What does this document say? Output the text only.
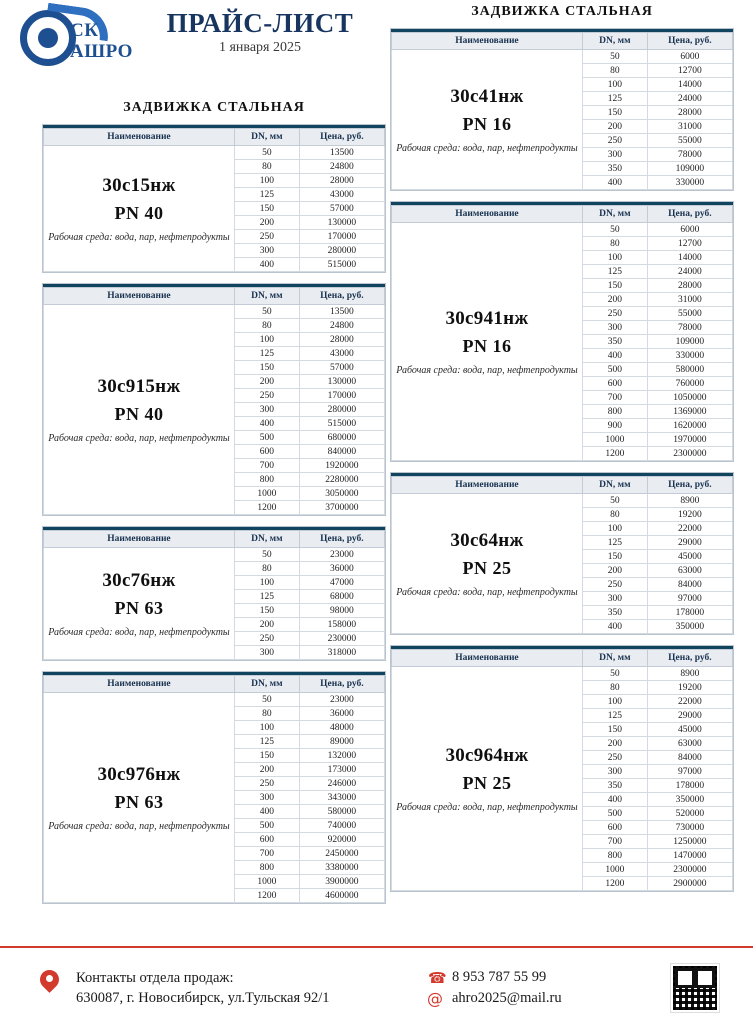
СК
АШРО
ПРАЙС-ЛИСТ
1 января 2025
ЗАДВИЖКА СТАЛЬНАЯ
Наименование	DN, мм	Цена, руб.

30с15нж
PN 40
Рабочая среда: вода, пар, нефтепродукты	50	13500
	80	24800
	100	28000
	125	43000
	150	57000
	200	130000
	250	170000
	300	280000
	400	515000
Наименование	DN, мм	Цена, руб.

30с915нж
PN 40
Рабочая среда: вода, пар, нефтепродукты	50	13500
	80	24800
	100	28000
	125	43000
	150	57000
	200	130000
	250	170000
	300	280000
	400	515000
	500	680000
	600	840000
	700	1920000
	800	2280000
	1000	3050000
	1200	3700000
Наименование	DN, мм	Цена, руб.

30с76нж
PN 63
Рабочая среда: вода, пар, нефтепродукты	50	23000
	80	36000
	100	47000
	125	68000
	150	98000
	200	158000
	250	230000
	300	318000
Наименование	DN, мм	Цена, руб.

30с976нж
PN 63
Рабочая среда: вода, пар, нефтепродукты	50	23000
	80	36000
	100	48000
	125	89000
	150	132000
	200	173000
	250	246000
	300	343000
	400	580000
	500	740000
	600	920000
	700	2450000
	800	3380000
	1000	3900000
	1200	4600000
ЗАДВИЖКА СТАЛЬНАЯ
Наименование	DN, мм	Цена, руб.

30с41нж
PN 16
Рабочая среда: вода, пар, нефтепродукты	50	6000
	80	12700
	100	14000
	125	24000
	150	28000
	200	31000
	250	55000
	300	78000
	350	109000
	400	330000
Наименование	DN, мм	Цена, руб.

30с941нж
PN 16
Рабочая среда: вода, пар, нефтепродукты	50	6000
	80	12700
	100	14000
	125	24000
	150	28000
	200	31000
	250	55000
	300	78000
	350	109000
	400	330000
	500	580000
	600	760000
	700	1050000
	800	1369000
	900	1620000
	1000	1970000
	1200	2300000
Наименование	DN, мм	Цена, руб.

30с64нж
PN 25
Рабочая среда: вода, пар, нефтепродукты	50	8900
	80	19200
	100	22000
	125	29000
	150	45000
	200	63000
	250	84000
	300	97000
	350	178000
	400	350000
Наименование	DN, мм	Цена, руб.

30с964нж
PN 25
Рабочая среда: вода, пар, нефтепродукты	50	8900
	80	19200
	100	22000
	125	29000
	150	45000
	200	63000
	250	84000
	300	97000
	350	178000
	400	350000
	500	520000
	600	730000
	700	1250000
	800	1470000
	1000	2300000
	1200	2900000
Контакты отдела продаж:
630087, г. Новосибирск, ул.Тульская 92/1
☎ 8 953 787 55 99
@ ahro2025@mail.ru
